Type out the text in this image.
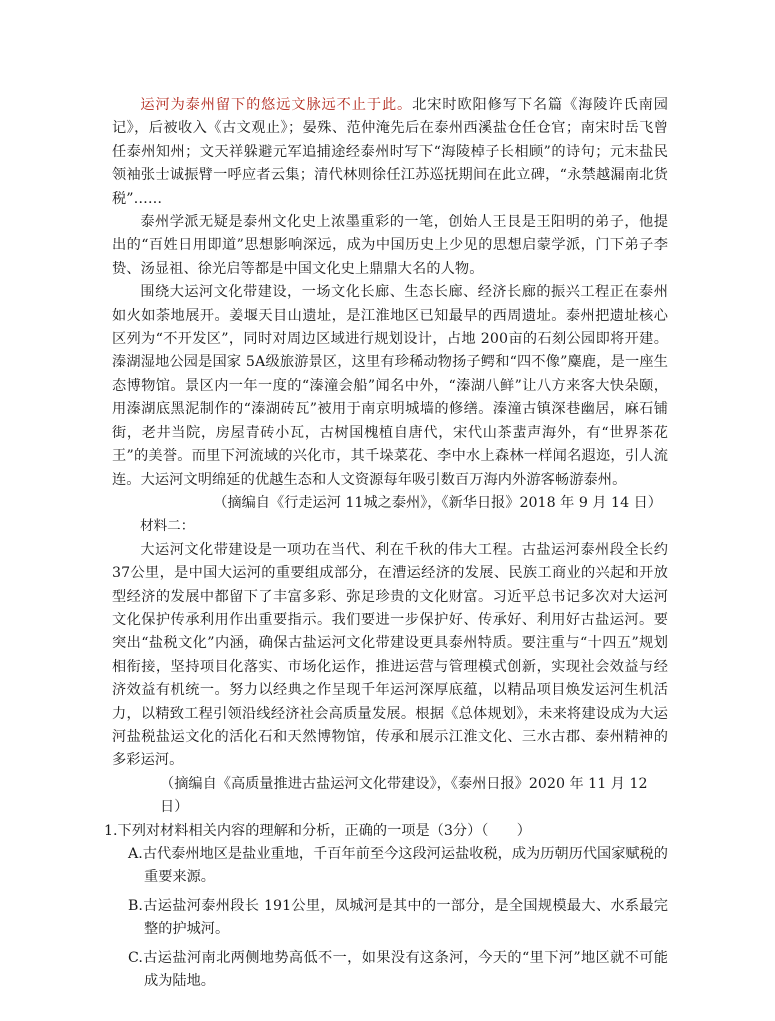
运河为泰州留下的悠远文脉远不止于此。北宋时欧阳修写下名篇《海陵许氏南园记》，后被收入《古文观止》；晏殊、范仲淹先后在泰州西溪盐仓任仓官；南宋时岳飞曾任泰州知州；文天祥躲避元军追捕途经泰州时写下“海陵棹子长相顾”的诗句；元末盐民领袖张士诚振臂一呼应者云集；清代林则徐任江苏巡抚期间在此立碑，“永禁越漏南北货税”……

泰州学派无疑是泰州文化史上浓墨重彩的一笔，创始人王艮是王阳明的弟子，他提出的“百姓日用即道”思想影响深远，成为中国历史上少见的思想启蒙学派，门下弟子李贽、汤显祖、徐光启等都是中国文化史上鼎鼎大名的人物。

围绕大运河文化带建设，一场文化长廊、生态长廊、经济长廊的振兴工程正在泰州如火如荼地展开。姜堰天目山遗址，是江淮地区已知最早的西周遗址。泰州把遗址核心区列为“不开发区”，同时对周边区域进行规划设计，占地 200亩的石刻公园即将开建。溱湖湿地公园是国家 5A级旅游景区，这里有珍稀动物扬子鳄和“四不像”麋鹿，是一座生态博物馆。景区内一年一度的“溱潼会船”闻名中外，“溱湖八鲜”让八方来客大快朵颐，用溱湖底黑泥制作的“溱湖砖瓦”被用于南京明城墙的修缮。溱潼古镇深巷幽居，麻石铺街，老井当院，房屋青砖小瓦，古树国槐植自唐代，宋代山茶蜚声海外，有“世界茶花王”的美誉。而里下河流域的兴化市，其千垛菜花、李中水上森林一样闻名遐迩，引人流连。大运河文明绵延的优越生态和人文资源每年吸引数百万海内外游客畅游泰州。

（摘编自《行走运河 11城之泰州》，《新华日报》2018 年 9 月 14 日）

材料二：

大运河文化带建设是一项功在当代、利在千秋的伟大工程。古盐运河泰州段全长约 37公里，是中国大运河的重要组成部分，在漕运经济的发展、民族工商业的兴起和开放型经济的发展中都留下了丰富多彩、弥足珍贵的文化财富。习近平总书记多次对大运河文化保护传承利用作出重要指示。我们要进一步保护好、传承好、利用好古盐运河。要突出“盐税文化”内涵，确保古盐运河文化带建设更具泰州特质。要注重与“十四五”规划相衔接，坚持项目化落实、市场化运作，推进运营与管理模式创新，实现社会效益与经济效益有机统一。努力以经典之作呈现千年运河深厚底蕴，以精品项目焕发运河生机活力，以精致工程引领沿线经济社会高质量发展。根据《总体规划》，未来将建设成为大运河盐税盐运文化的活化石和天然博物馆，传承和展示江淮文化、三水古郡、泰州精神的多彩运河。

（摘编自《高质量推进古盐运河文化带建设》，《泰州日报》2020 年 11 月 12 日）

1.下列对材料相关内容的理解和分析，正确的一项是（3分）（　　）

A.古代泰州地区是盐业重地，千百年前至今这段河运盐收税，成为历朝历代国家赋税的重要来源。

B.古运盐河泰州段长 191公里，凤城河是其中的一部分，是全国规模最大、水系最完整的护城河。

C.古运盐河南北两侧地势高低不一，如果没有这条河，今天的“里下河”地区就不可能成为陆地。
